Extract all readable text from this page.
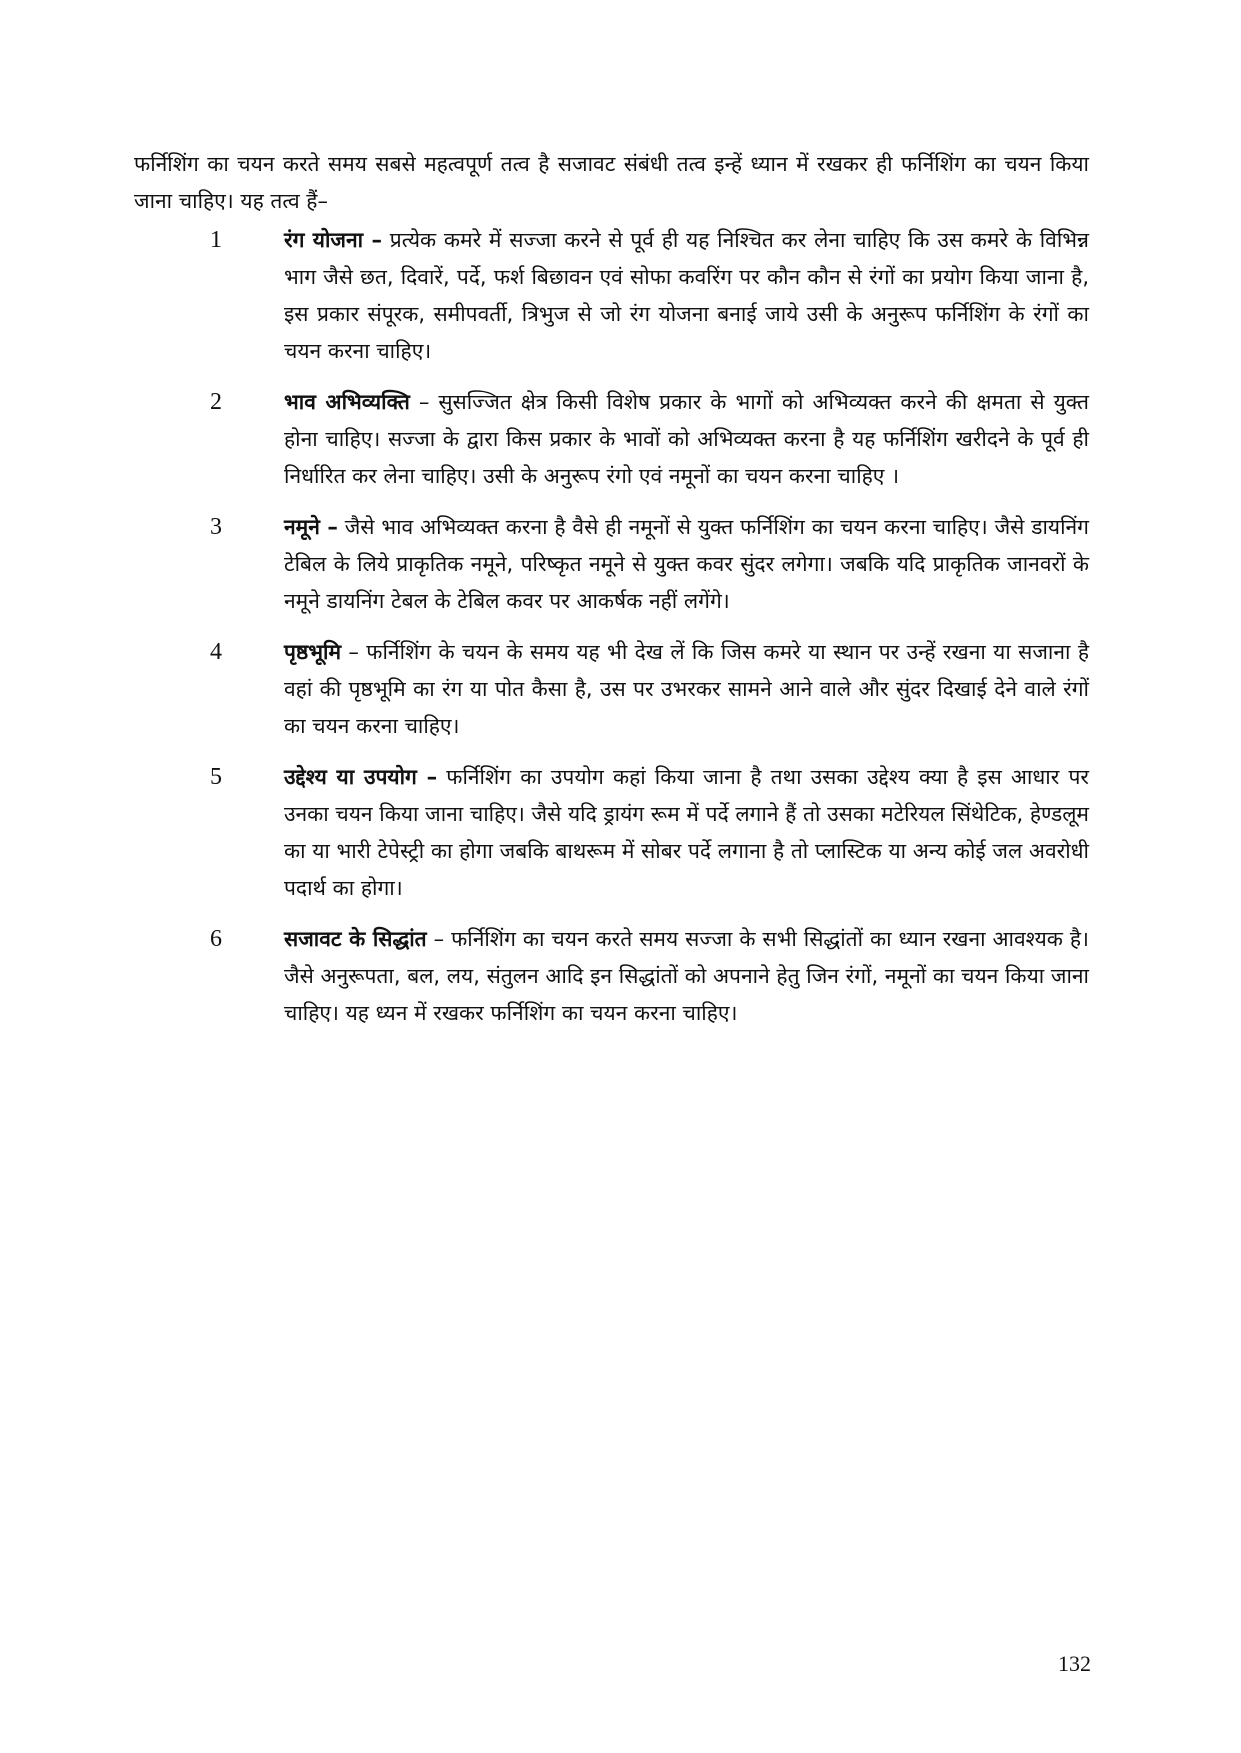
फर्निशिंग का चयन करते समय सबसे महत्वपूर्ण तत्व है सजावट संबंधी तत्व इन्हें ध्यान में रखकर ही फर्निशिंग का चयन किया जाना चाहिए। यह तत्व हैं–

1	रंग योजना – प्रत्येक कमरे में सज्जा करने से पूर्व ही यह निश्चित कर लेना चाहिए कि उस कमरे के विभिन्न भाग जैसे छत, दिवारें, पर्दे, फर्श बिछावन एवं सोफा कवरिंग पर कौन कौन से रंगों का प्रयोग किया जाना है, इस प्रकार संपूरक, समीपवर्ती, त्रिभुज से जो रंग योजना बनाई जाये उसी के अनुरूप फर्निशिंग के रंगों का चयन करना चाहिए।
2	भाव अभिव्यक्ति – सुसज्जित क्षेत्र किसी विशेष प्रकार के भागों को अभिव्यक्त करने की क्षमता से युक्त होना चाहिए। सज्जा के द्वारा किस प्रकार के भावों को अभिव्यक्त करना है यह फर्निशिंग खरीदने के पूर्व ही निर्धारित कर लेना चाहिए। उसी के अनुरूप रंगो एवं नमूनों का चयन करना चाहिए ।
3	नमूने – जैसे भाव अभिव्यक्त करना है वैसे ही नमूनों से युक्त फर्निशिंग का चयन करना चाहिए। जैसे डायनिंग टेबिल के लिये प्राकृतिक नमूने, परिष्कृत नमूने से युक्त कवर सुंदर लगेगा। जबकि यदि प्राकृतिक जानवरों के नमूने डायनिंग टेबल के टेबिल कवर पर आकर्षक नहीं लगेंगे।
4	पृष्ठभूमि – फर्निशिंग के चयन के समय यह भी देख लें कि जिस कमरे या स्थान पर उन्हें रखना या सजाना है वहां की पृष्ठभूमि का रंग या पोत कैसा है, उस पर उभरकर सामने आने वाले और सुंदर दिखाई देने वाले रंगों का चयन करना चाहिए।
5	उद्देश्य या उपयोग – फर्निशिंग का उपयोग कहां किया जाना है तथा उसका उद्देश्य क्या है इस आधार पर उनका चयन किया जाना चाहिए। जैसे यदि ड्रायंग रूम में पर्दे लगाने हैं तो उसका मटेरियल सिंथेटिक, हेण्डलूम का या भारी टेपेस्ट्री का होगा जबकि बाथरूम में सोबर पर्दे लगाना है तो प्लास्टिक या अन्य कोई जल अवरोधी पदार्थ का होगा।
6	सजावट के सिद्धांत – फर्निशिंग का चयन करते समय सज्जा के सभी सिद्धांतों का ध्यान रखना आवश्यक है। जैसे अनुरूपता, बल, लय, संतुलन आदि इन सिद्धांतों को अपनाने हेतु जिन रंगों, नमूनों का चयन किया जाना चाहिए। यह ध्यन में रखकर फर्निशिंग का चयन करना चाहिए।
132
